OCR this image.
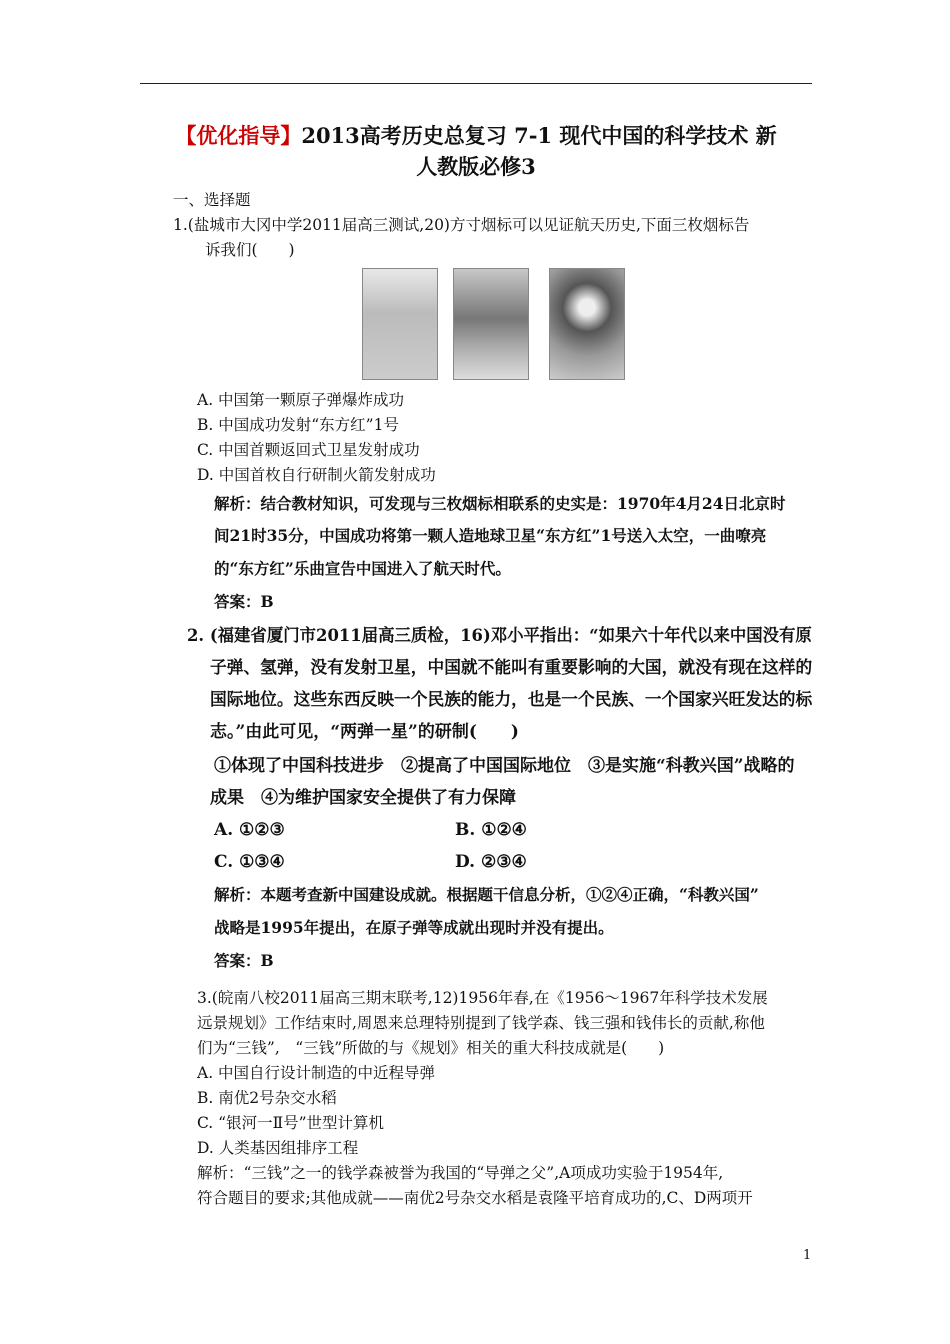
【优化指导】2013高考历史总复习 7-1 现代中国的科学技术 新
人教版必修3
一、选择题
1.(盐城市大冈中学2011届高三测试,20)方寸烟标可以见证航天历史,下面三枚烟标告
诉我们(　　)
A. 中国第一颗原子弹爆炸成功
B. 中国成功发射“东方红”1号
C. 中国首颗返回式卫星发射成功
D. 中国首枚自行研制火箭发射成功
解析：结合教材知识，可发现与三枚烟标相联系的史实是：1970年4月24日北京时
间21时35分，中国成功将第一颗人造地球卫星“东方红”1号送入太空，一曲嘹亮
的“东方红”乐曲宣告中国进入了航天时代。
答案：B
2. (福建省厦门市2011届高三质检，16)邓小平指出：“如果六十年代以来中国没有原
子弹、氢弹，没有发射卫星，中国就不能叫有重要影响的大国，就没有现在这样的
国际地位。这些东西反映一个民族的能力，也是一个民族、一个国家兴旺发达的标
志。”由此可见，“两弹一星”的研制(　　)
①体现了中国科技进步　②提高了中国国际地位　③是实施“科教兴国”战略的
成果　④为维护国家安全提供了有力保障
A. ①②③	B. ①②④
C. ①③④	D. ②③④
解析：本题考查新中国建设成就。根据题干信息分析，①②④正确，“科教兴国”
战略是1995年提出，在原子弹等成就出现时并没有提出。
答案：B
3.(皖南八校2011届高三期末联考,12)1956年春,在《1956～1967年科学技术发展
远景规划》工作结束时,周恩来总理特别提到了钱学森、钱三强和钱伟长的贡献,称他
们为“三钱”,　“三钱”所做的与《规划》相关的重大科技成就是(　　)
A. 中国自行设计制造的中近程导弹
B. 南优2号杂交水稻
C. “银河一Ⅱ号”世型计算机
D. 人类基因组排序工程
解析：“三钱”之一的钱学森被誉为我国的“导弹之父”,A项成功实验于1954年,
符合题目的要求;其他成就——南优2号杂交水稻是袁隆平培育成功的,C、D两项开
1
